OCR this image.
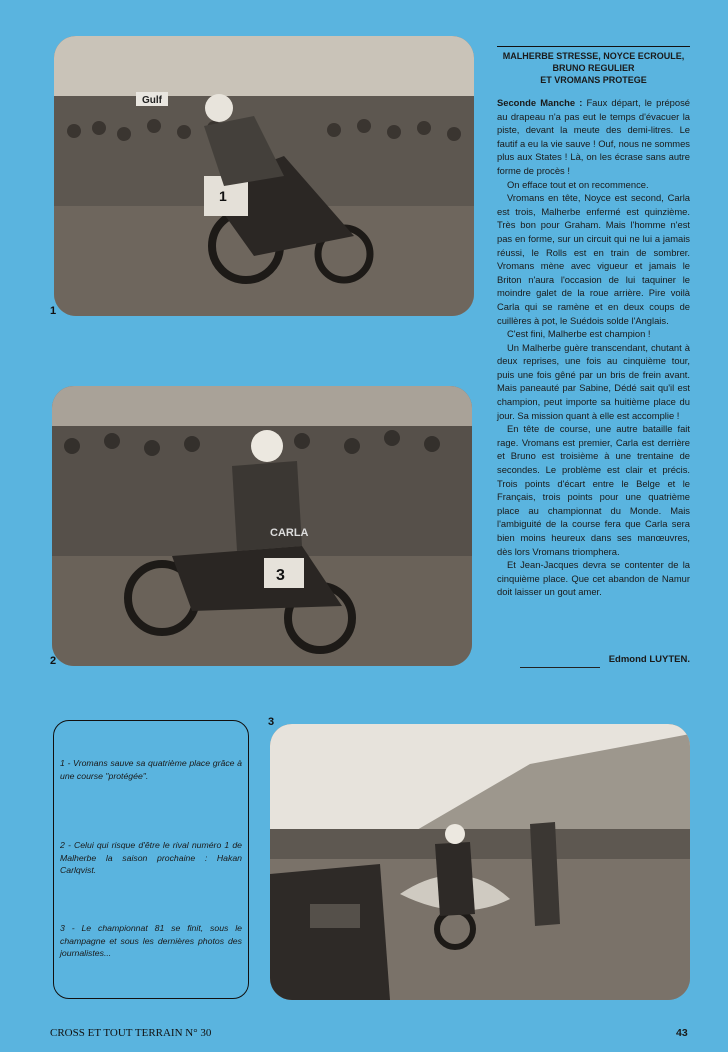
Gulf
1
1
3
CARLA
2
3
MALHERBE STRESSE, NOYCE ECROULE,
BRUNO REGULIER
ET VROMANS PROTEGE

Seconde Manche : Faux départ, le préposé au drapeau n'a pas eut le temps d'évacuer la piste, devant la meute des demi-litres. Le fautif a eu la vie sauve ! Ouf, nous ne sommes plus aux States ! Là, on les écrase sans autre forme de procès !

On efface tout et on recommence.

Vromans en tête, Noyce est second, Carla est trois, Malherbe enfermé est quinzième. Très bon pour Graham. Mais l'homme n'est pas en forme, sur un circuit qui ne lui a jamais réussi, le Rolls est en train de sombrer. Vromans mène avec vigueur et jamais le Briton n'aura l'occasion de lui taquiner le moindre galet de la roue arrière. Pire voilà Carla qui se ramène et en deux coups de cuillères à pot, le Suédois solde l'Anglais.

C'est fini, Malherbe est champion !

Un Malherbe guère transcendant, chutant à deux reprises, une fois au cinquième tour, puis une fois gêné par un bris de frein avant. Mais paneauté par Sabine, Dédé sait qu'il est champion, peut importe sa huitième place du jour. Sa mission quant à elle est accomplie !

En tête de course, une autre bataille fait rage. Vromans est premier, Carla est derrière et Bruno est troisième à une trentaine de secondes. Le problème est clair et précis. Trois points d'écart entre le Belge et le Français, trois points pour une quatrième place au championnat du Monde. Mais l'ambiguité de la course fera que Carla sera bien moins heureux dans ses manœuvres, dès lors Vromans triomphera.

Et Jean-Jacques devra se contenter de la cinquième place. Que cet abandon de Namur doit laisser un gout amer.

Edmond LUYTEN.
1 - Vromans sauve sa quatrième place grâce à une course "protégée".
2 - Celui qui risque d'être le rival numéro 1 de Malherbe la saison prochaine : Hakan Carlqvist.
3 - Le championnat 81 se finit, sous le champagne et sous les dernières photos des journalistes...
CROSS ET TOUT TERRAIN N° 30	43
